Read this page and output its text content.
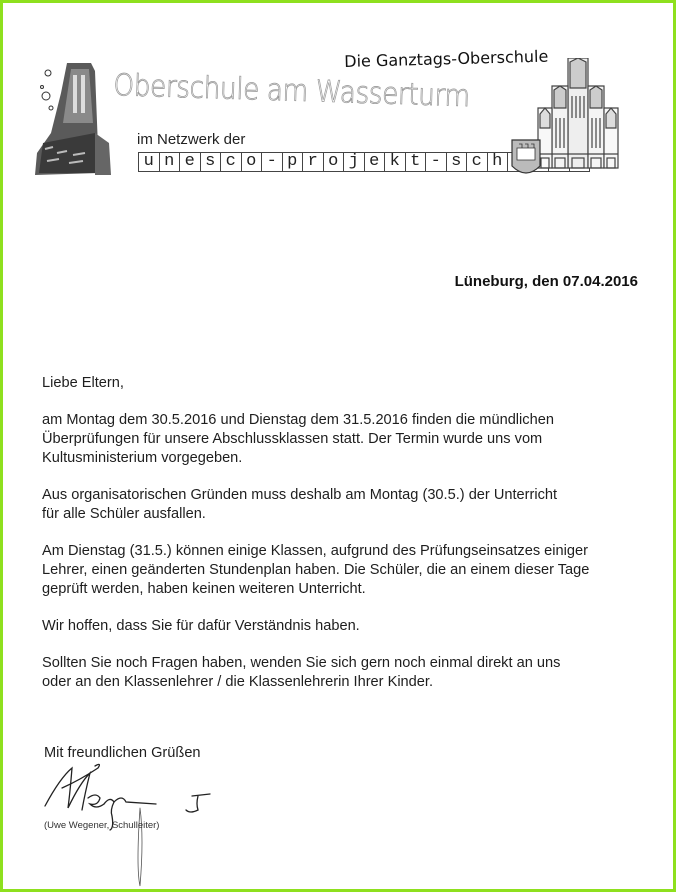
Oberschule am Wasserturm
Die Ganztags-Oberschule
im Netzwerk der
u n e s c o - p r o j e k t - s c h
Lüneburg, den 07.04.2016

Liebe Eltern,

am Montag dem 30.5.2016 und Dienstag dem 31.5.2016 finden die mündlichen

Überprüfungen für unsere Abschlussklassen statt. Der Termin wurde uns vom

Kultusministerium vorgegeben.

Aus organisatorischen Gründen muss deshalb am Montag (30.5.) der Unterricht

für alle Schüler ausfallen.

Am Dienstag (31.5.) können einige Klassen, aufgrund des Prüfungseinsatzes einiger

Lehrer, einen geänderten Stundenplan haben. Die Schüler, die an einem dieser Tage

geprüft werden, haben keinen weiteren Unterricht.

Wir hoffen, dass Sie für dafür Verständnis haben.

Sollten Sie noch Fragen haben, wenden Sie sich gern noch einmal direkt an uns

oder an den Klassenlehrer / die Klassenlehrerin Ihrer Kinder.

Mit freundlichen Grüßen
(Uwe Wegener, Schulleiter)
